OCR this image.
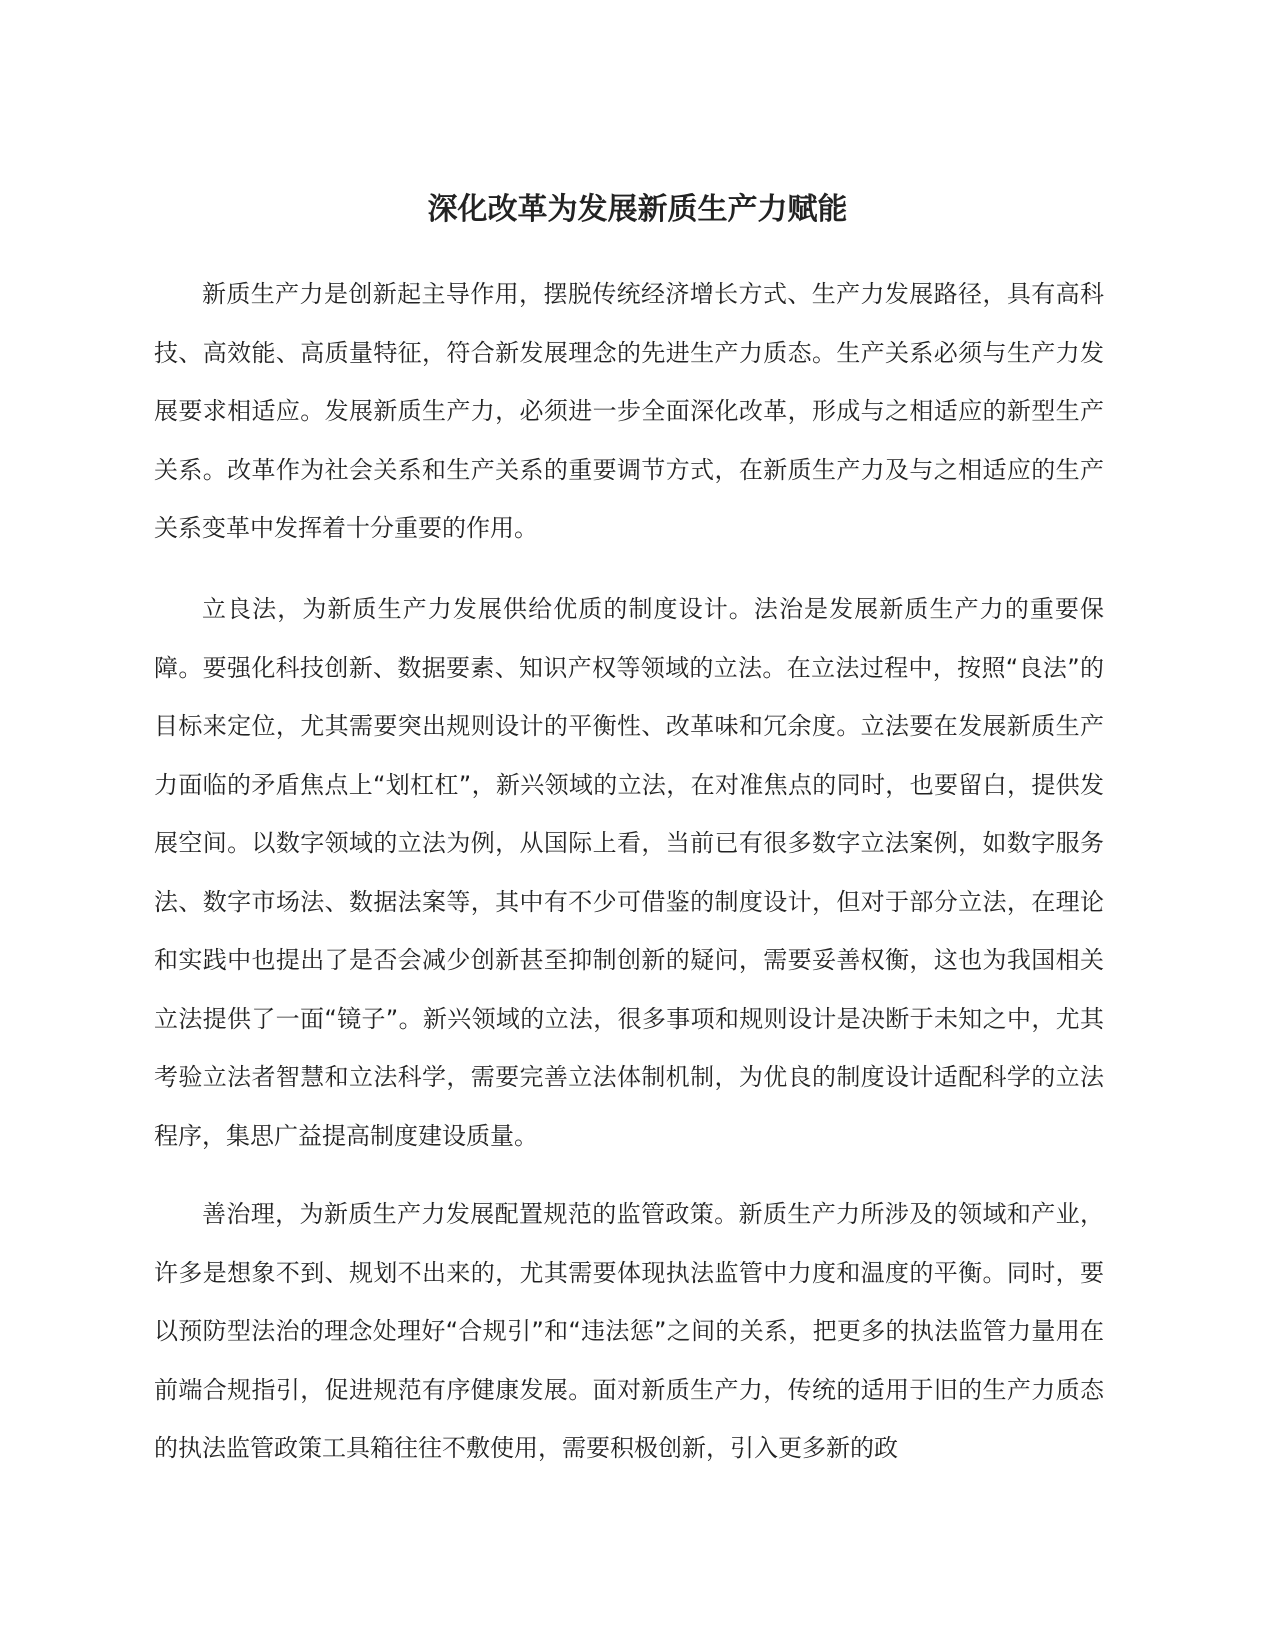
深化改革为发展新质生产力赋能

新质生产力是创新起主导作用，摆脱传统经济增长方式、生产力发展路径，具有高科技、高效能、高质量特征，符合新发展理念的先进生产力质态。生产关系必须与生产力发展要求相适应。发展新质生产力，必须进一步全面深化改革，形成与之相适应的新型生产关系。改革作为社会关系和生产关系的重要调节方式，在新质生产力及与之相适应的生产关系变革中发挥着十分重要的作用。

立良法，为新质生产力发展供给优质的制度设计。法治是发展新质生产力的重要保障。要强化科技创新、数据要素、知识产权等领域的立法。在立法过程中，按照“良法”的目标来定位，尤其需要突出规则设计的平衡性、改革味和冗余度。立法要在发展新质生产力面临的矛盾焦点上“划杠杠”，新兴领域的立法，在对准焦点的同时，也要留白，提供发展空间。以数字领域的立法为例，从国际上看，当前已有很多数字立法案例，如数字服务法、数字市场法、数据法案等，其中有不少可借鉴的制度设计，但对于部分立法，在理论和实践中也提出了是否会减少创新甚至抑制创新的疑问，需要妥善权衡，这也为我国相关立法提供了一面“镜子”。新兴领域的立法，很多事项和规则设计是决断于未知之中，尤其考验立法者智慧和立法科学，需要完善立法体制机制，为优良的制度设计适配科学的立法程序，集思广益提高制度建设质量。

善治理，为新质生产力发展配置规范的监管政策。新质生产力所涉及的领域和产业，许多是想象不到、规划不出来的，尤其需要体现执法监管中力度和温度的平衡。同时，要以预防型法治的理念处理好“合规引”和“违法惩”之间的关系，把更多的执法监管力量用在前端合规指引，促进规范有序健康发展。面对新质生产力，传统的适用于旧的生产力质态的执法监管政策工具箱往往不敷使用，需要积极创新，引入更多新的政
